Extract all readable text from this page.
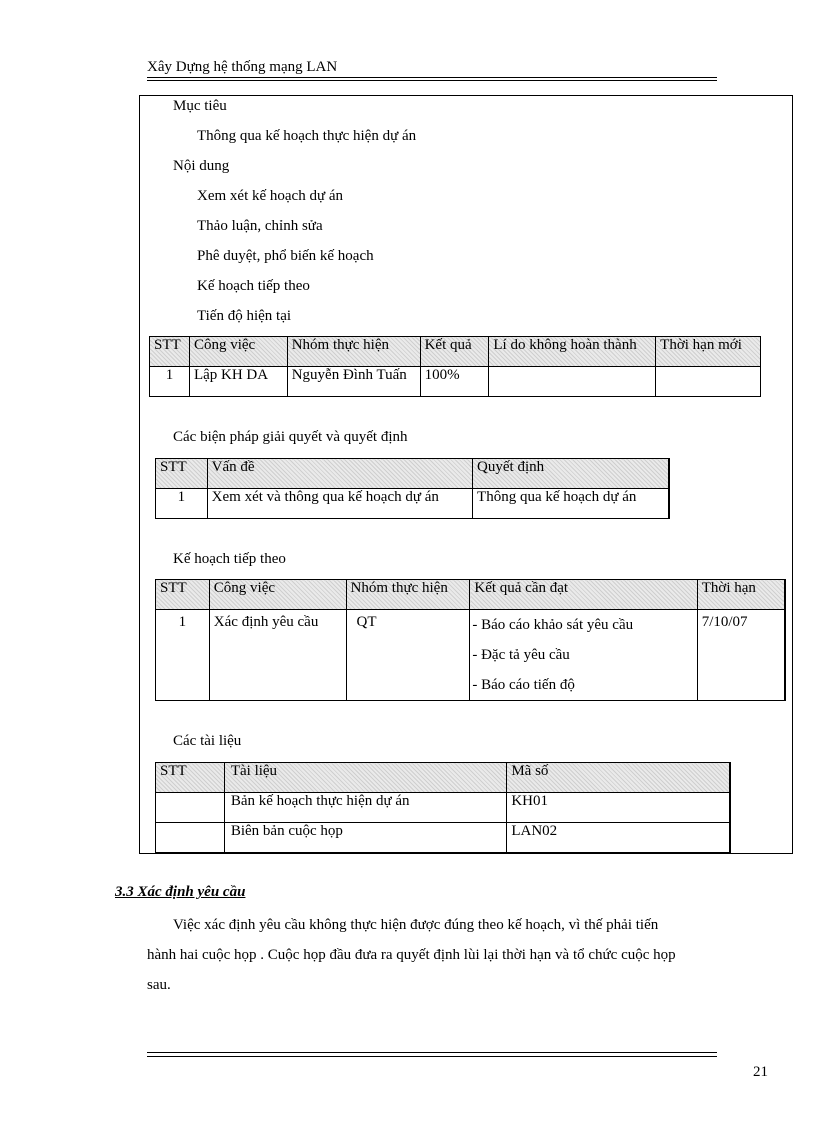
Xây Dựng hệ thống mạng LAN
Mục tiêu
Thông qua kế hoạch thực hiện dự án
Nội dung
Xem xét kế hoạch dự án
Thảo luận, chỉnh sửa
Phê duyệt, phổ biến kế hoạch
Kế hoạch tiếp theo
Tiến độ hiện tại
STT	Công việc	Nhóm thực hiện	Kết quả	Lí do không hoàn thành	Thời hạn mới
1	Lập KH DA	Nguyễn Đình Tuấn	100%		
Các biện pháp giải quyết và quyết định
STT	Vấn đề	Quyết định
1	Xem xét và thông qua kế hoạch dự án	Thông qua kế hoạch dự án
Kế hoạch tiếp theo
STT	Công việc	Nhóm thực hiện	Kết quả cần đạt	Thời hạn
1	Xác định yêu cầu	QT	- Báo cáo khảo sát yêu cầu
- Đặc tả yêu cầu
- Báo cáo tiến độ	7/10/07
Các tài liệu
STT	Tài liệu	Mã số
	Bản kế hoạch thực hiện dự án	KH01
	Biên bản cuộc họp	LAN02
3.3 Xác định yêu cầu
Việc xác định yêu cầu không thực hiện được đúng theo kế hoạch, vì thế phải tiến
hành hai cuộc họp . Cuộc họp đầu đưa ra quyết định lùi lại thời hạn và tổ chức cuộc họp
sau.
21
